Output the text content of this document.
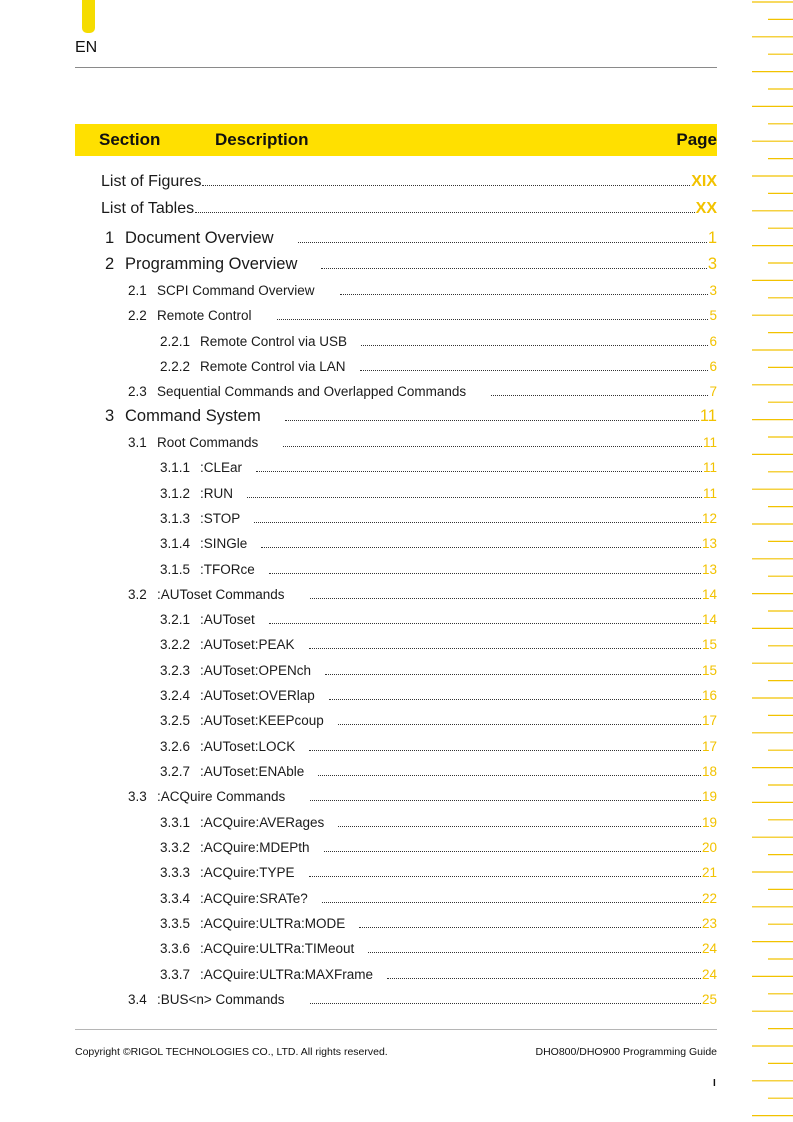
EN
Section	Description	Page
List of Figures	XIX
List of Tables	XX
1 Document Overview	1
2 Programming Overview	3
2.1 SCPI Command Overview	3
2.2 Remote Control	5
2.2.1 Remote Control via USB	6
2.2.2 Remote Control via LAN	6
2.3 Sequential Commands and Overlapped Commands	7
3 Command System	11
3.1 Root Commands	11
3.1.1 :CLEar	11
3.1.2 :RUN	11
3.1.3 :STOP	12
3.1.4 :SINGle	13
3.1.5 :TFORce	13
3.2 :AUToset Commands	14
3.2.1 :AUToset	14
3.2.2 :AUToset:PEAK	15
3.2.3 :AUToset:OPENch	15
3.2.4 :AUToset:OVERlap	16
3.2.5 :AUToset:KEEPcoup	17
3.2.6 :AUToset:LOCK	17
3.2.7 :AUToset:ENAble	18
3.3 :ACQuire Commands	19
3.3.1 :ACQuire:AVERages	19
3.3.2 :ACQuire:MDEPth	20
3.3.3 :ACQuire:TYPE	21
3.3.4 :ACQuire:SRATe?	22
3.3.5 :ACQuire:ULTRa:MODE	23
3.3.6 :ACQuire:ULTRa:TIMeout	24
3.3.7 :ACQuire:ULTRa:MAXFrame	24
3.4 :BUS<n> Commands	25
Copyright ©RIGOL TECHNOLOGIES CO., LTD. All rights reserved.	DHO800/DHO900 Programming Guide
I
